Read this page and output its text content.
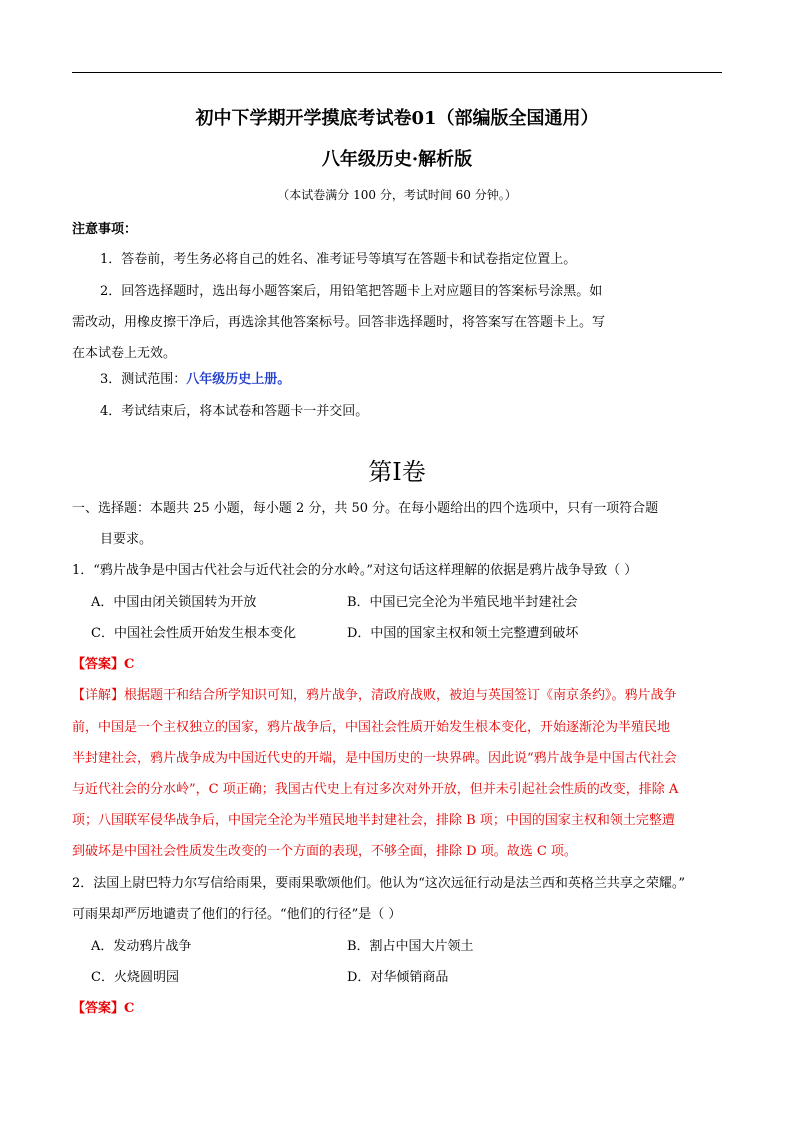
初中下学期开学摸底考试卷01（部编版全国通用）
八年级历史·解析版
（本试卷满分 100 分，考试时间 60 分钟。）
注意事项：
1．答卷前，考生务必将自己的姓名、准考证号等填写在答题卡和试卷指定位置上。
2．回答选择题时，选出每小题答案后，用铅笔把答题卡上对应题目的答案标号涂黑。如
需改动，用橡皮擦干净后，再选涂其他答案标号。回答非选择题时，将答案写在答题卡上。写
在本试卷上无效。
3．测试范围：八年级历史上册。
4．考试结束后，将本试卷和答题卡一并交回。
第I卷
一、选择题：本题共 25 小题，每小题 2 分，共 50 分。在每小题给出的四个选项中，只有一项符合题
目要求。
1．“鸦片战争是中国古代社会与近代社会的分水岭。”对这句话这样理解的依据是鸦片战争导致（ ）
A．中国由闭关锁国转为开放	B．中国已完全沦为半殖民地半封建社会
C．中国社会性质开始发生根本变化	D．中国的国家主权和领土完整遭到破坏
【答案】C
【详解】根据题干和结合所学知识可知，鸦片战争，清政府战败，被迫与英国签订《南京条约》。鸦片战争
前，中国是一个主权独立的国家，鸦片战争后，中国社会性质开始发生根本变化，开始逐渐沦为半殖民地
半封建社会，鸦片战争成为中国近代史的开端，是中国历史的一块界碑。因此说“鸦片战争是中国古代社会
与近代社会的分水岭”，C 项正确；我国古代史上有过多次对外开放，但并未引起社会性质的改变，排除 A
项；八国联军侵华战争后，中国完全沦为半殖民地半封建社会，排除 B 项；中国的国家主权和领土完整遭
到破坏是中国社会性质发生改变的一个方面的表现，不够全面，排除 D 项。故选 C 项。
2．法国上尉巴特力尔写信给雨果，要雨果歌颂他们。他认为“这次远征行动是法兰西和英格兰共享之荣耀。”
可雨果却严厉地谴责了他们的行径。“他们的行径”是（ ）
A．发动鸦片战争	B．割占中国大片领土
C．火烧圆明园	D．对华倾销商品
【答案】C
